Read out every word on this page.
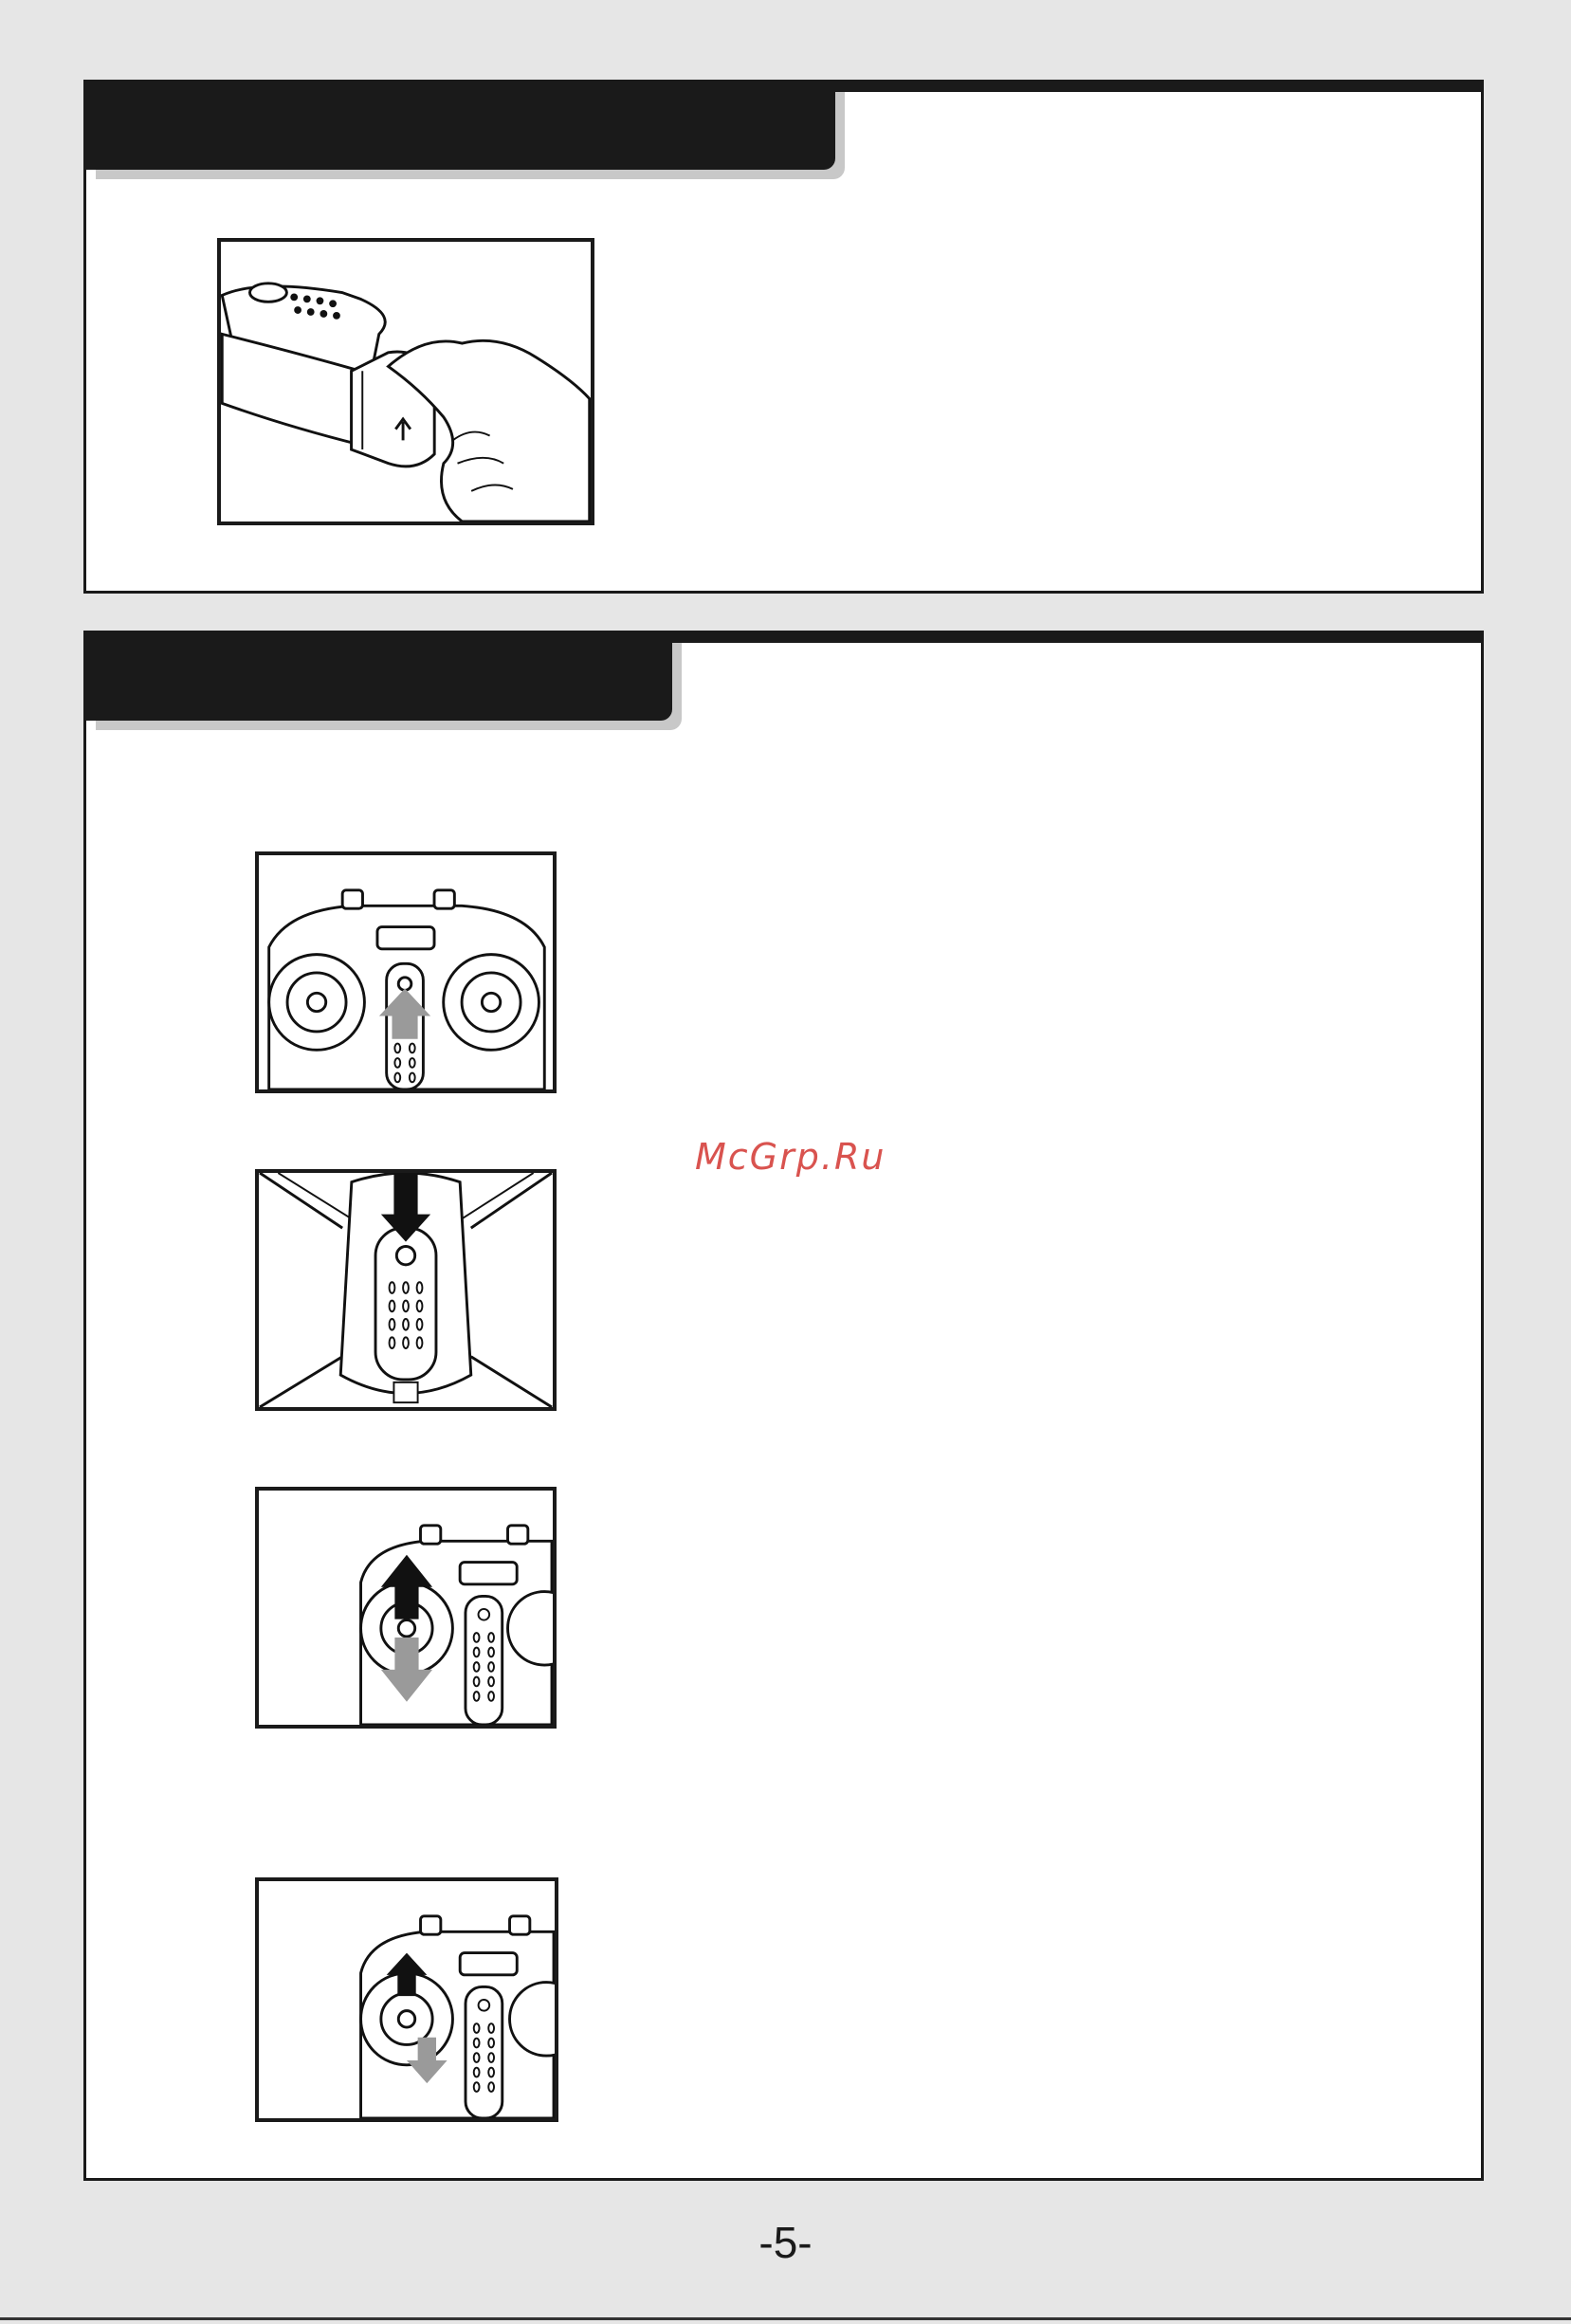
McGrp.Ru
-5-
